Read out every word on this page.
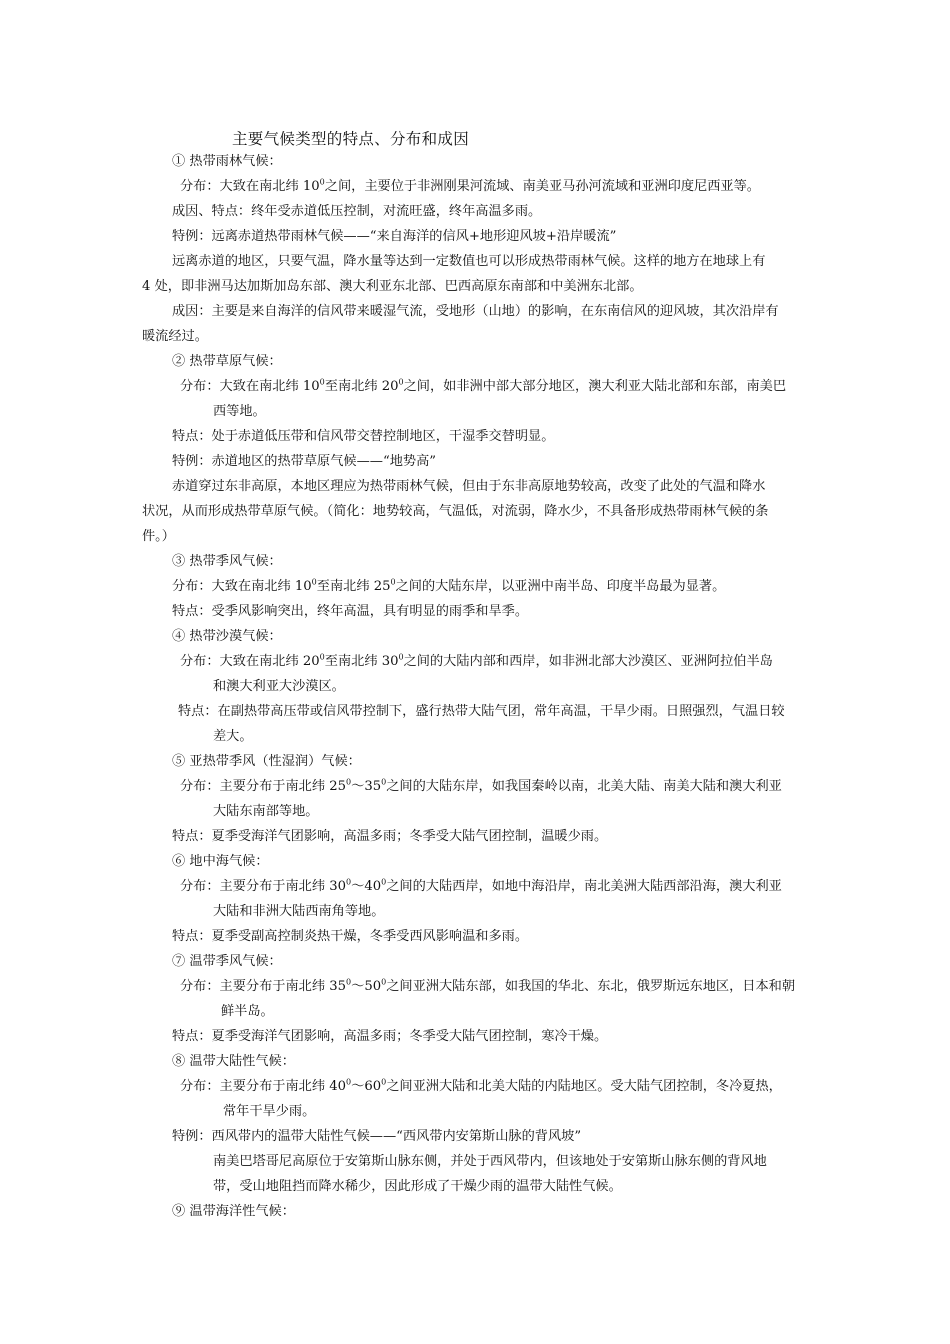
主要气候类型的特点、分布和成因
① 热带雨林气候：
分布：大致在南北纬 $10^0$之间，主要位于非洲刚果河流域、南美亚马孙河流域和亚洲印度尼西亚等。
成因、特点：终年受赤道低压控制，对流旺盛，终年高温多雨。
特例：远离赤道热带雨林气候——“来自海洋的信风+地形迎风坡+沿岸暖流”
远离赤道的地区，只要气温，降水量等达到一定数值也可以形成热带雨林气候。这样的地方在地球上有
4 处，即非洲马达加斯加岛东部、澳大利亚东北部、巴西高原东南部和中美洲东北部。
成因：主要是来自海洋的信风带来暖湿气流，受地形（山地）的影响，在东南信风的迎风坡，其次沿岸有
暖流经过。
② 热带草原气候：
分布：大致在南北纬 $10^0$至南北纬 $20^0$之间，如非洲中部大部分地区，澳大利亚大陆北部和东部，南美巴
西等地。
特点：处于赤道低压带和信风带交替控制地区，干湿季交替明显。
特例：赤道地区的热带草原气候——“地势高”
赤道穿过东非高原，本地区理应为热带雨林气候，但由于东非高原地势较高，改变了此处的气温和降水
状况，从而形成热带草原气候。（简化：地势较高，气温低，对流弱，降水少，不具备形成热带雨林气候的条
件。）
③ 热带季风气候：
分布：大致在南北纬 $10^0$至南北纬 $25^0$之间的大陆东岸，以亚洲中南半岛、印度半岛最为显著。
特点：受季风影响突出，终年高温，具有明显的雨季和旱季。
④ 热带沙漠气候：
分布：大致在南北纬 $20^0$至南北纬 $30^0$之间的大陆内部和西岸，如非洲北部大沙漠区、亚洲阿拉伯半岛
和澳大利亚大沙漠区。
特点：在副热带高压带或信风带控制下，盛行热带大陆气团，常年高温，干旱少雨。日照强烈，气温日较
差大。
⑤ 亚热带季风（性湿润）气候：
分布：主要分布于南北纬 $25^0\sim 35^0$之间的大陆东岸，如我国秦岭以南，北美大陆、南美大陆和澳大利亚
大陆东南部等地。
特点：夏季受海洋气团影响，高温多雨；冬季受大陆气团控制，温暖少雨。
⑥ 地中海气候：
分布：主要分布于南北纬 $30^0\sim 40^0$之间的大陆西岸，如地中海沿岸，南北美洲大陆西部沿海，澳大利亚
大陆和非洲大陆西南角等地。
特点：夏季受副高控制炎热干燥，冬季受西风影响温和多雨。
⑦ 温带季风气候：
分布：主要分布于南北纬 $35^0\sim 50^0$之间亚洲大陆东部，如我国的华北、东北，俄罗斯远东地区，日本和朝
鲜半岛。
特点：夏季受海洋气团影响，高温多雨；冬季受大陆气团控制，寒冷干燥。
⑧ 温带大陆性气候：
分布：主要分布于南北纬 $40^0\sim 60^0$之间亚洲大陆和北美大陆的内陆地区。受大陆气团控制，冬冷夏热，
常年干旱少雨。
特例：西风带内的温带大陆性气候——“西风带内安第斯山脉的背风坡”
南美巴塔哥尼高原位于安第斯山脉东侧，并处于西风带内，但该地处于安第斯山脉东侧的背风地
带，受山地阻挡而降水稀少，因此形成了干燥少雨的温带大陆性气候。
⑨ 温带海洋性气候：
